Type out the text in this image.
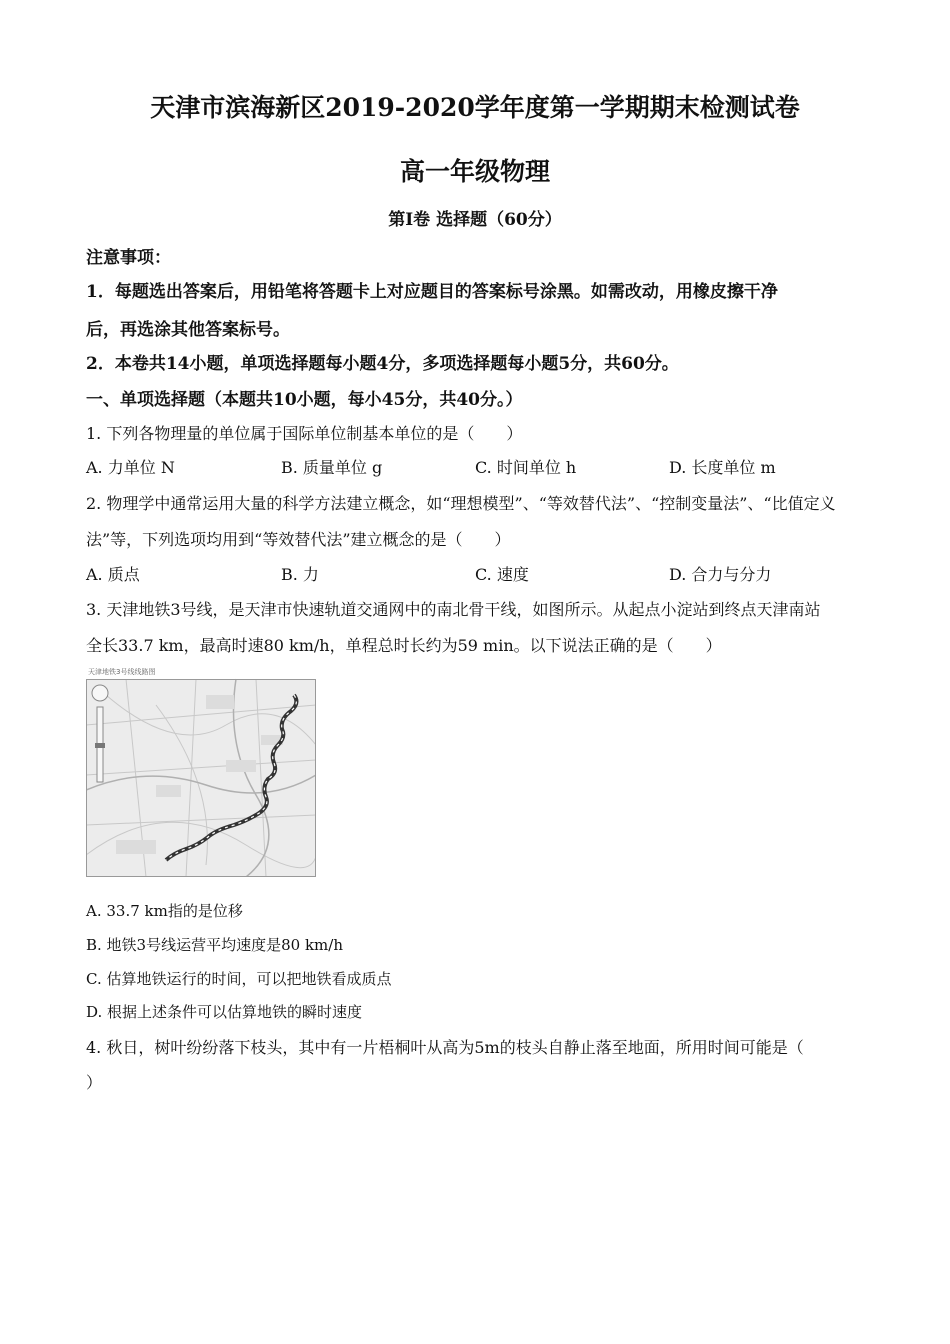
天津市滨海新区2019-2020学年度第一学期期末检测试卷
高一年级物理
第Ⅰ卷 选择题（60分）
注意事项：
1．每题选出答案后，用铅笔将答题卡上对应题目的答案标号涂黑。如需改动，用橡皮擦干净
后，再选涂其他答案标号。
2．本卷共14小题，单项选择题每小题4分，多项选择题每小题5分，共60分。
一、单项选择题（本题共10小题，每小45分，共40分。）
1. 下列各物理量的单位属于国际单位制基本单位的是（　　）
A. 力单位 N	B. 质量单位 g	C. 时间单位 h	D. 长度单位 m
2. 物理学中通常运用大量的科学方法建立概念，如“理想模型”、“等效替代法”、“控制变量法”、“比值定义
法”等，下列选项均用到“等效替代法”建立概念的是（　　）
A. 质点	B. 力	C. 速度	D. 合力与分力
3. 天津地铁3号线，是天津市快速轨道交通网中的南北骨干线，如图所示。从起点小淀站到终点天津南站
全长33.7 km，最高时速80 km/h，单程总时长约为59 min。以下说法正确的是（　　）
天津地铁3号线线路图
A. 33.7 km指的是位移
B. 地铁3号线运营平均速度是80 km/h
C. 估算地铁运行的时间，可以把地铁看成质点
D. 根据上述条件可以估算地铁的瞬时速度
4. 秋日，树叶纷纷落下枝头，其中有一片梧桐叶从高为5m的枝头自静止落至地面，所用时间可能是（
）
